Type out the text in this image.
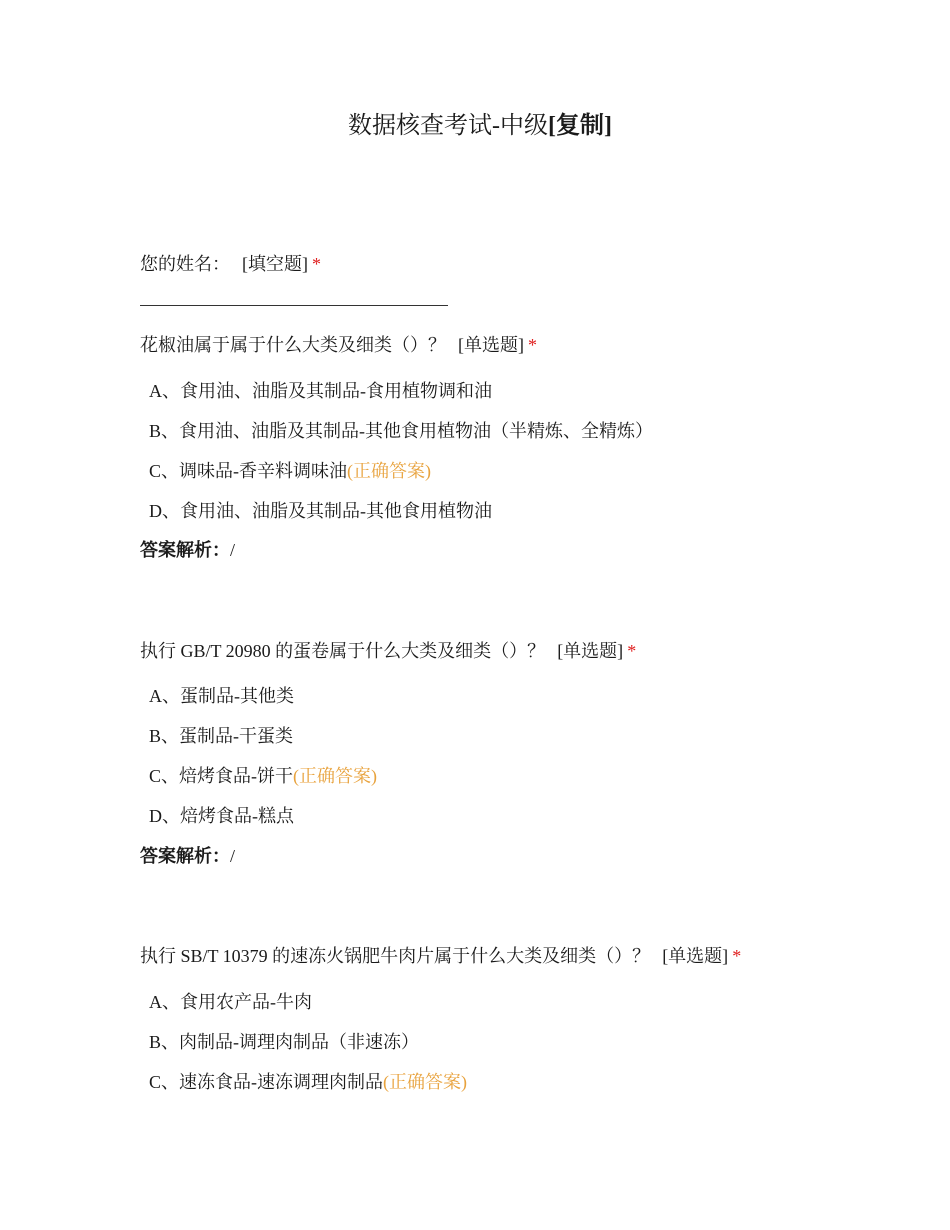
数据核查考试-中级[复制]
您的姓名： [填空题] *
花椒油属于属于什么大类及细类（）？ [单选题] *
A、食用油、油脂及其制品-食用植物调和油
B、食用油、油脂及其制品-其他食用植物油（半精炼、全精炼）
C、调味品-香辛料调味油(正确答案)
D、食用油、油脂及其制品-其他食用植物油
答案解析：/
执行 GB/T 20980 的蛋卷属于什么大类及细类（）？ [单选题] *
A、蛋制品-其他类
B、蛋制品-干蛋类
C、焙烤食品-饼干(正确答案)
D、焙烤食品-糕点
答案解析：/
执行 SB/T 10379 的速冻火锅肥牛肉片属于什么大类及细类（）？ [单选题] *
A、食用农产品-牛肉
B、肉制品-调理肉制品（非速冻）
C、速冻食品-速冻调理肉制品(正确答案)
